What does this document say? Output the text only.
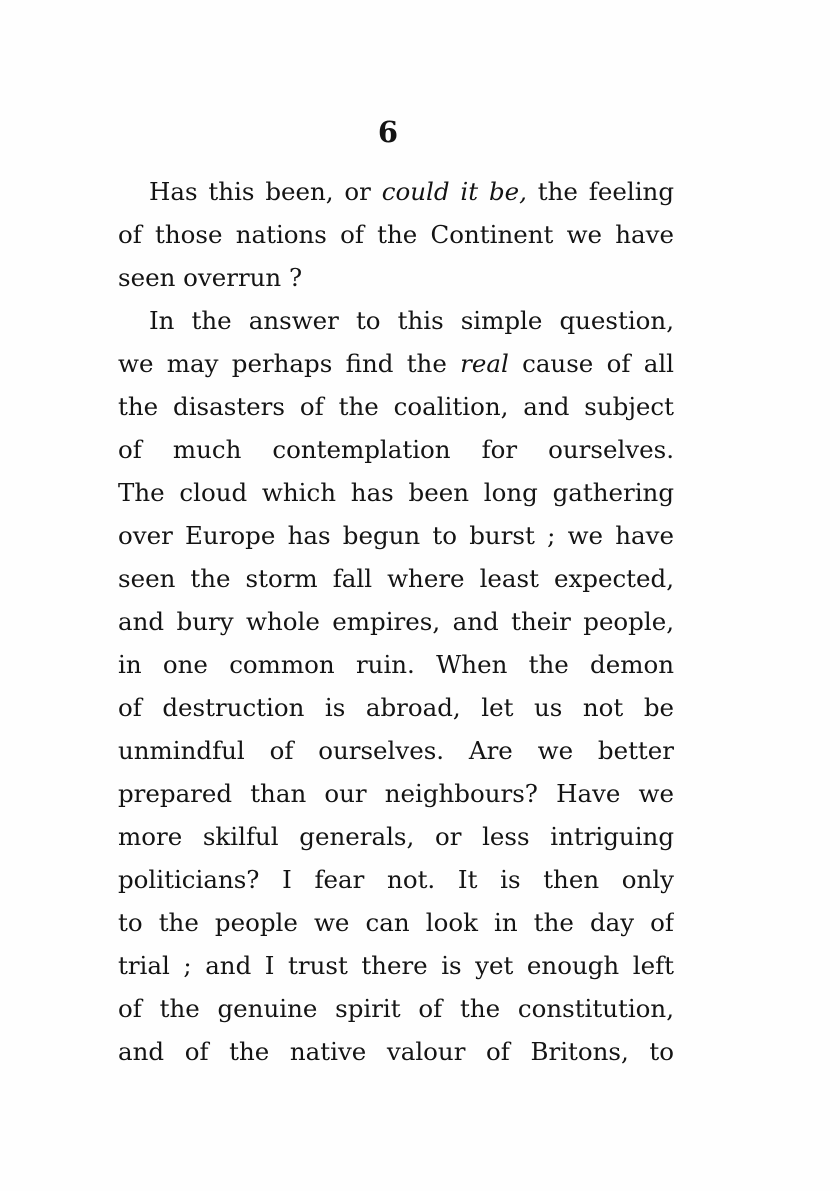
6
Has this been, or could it be, the feeling
of those nations of the Continent we have
seen overrun ?
In the answer to this simple question,
we may perhaps find the real cause of all
the disasters of the coalition, and subject
of much contemplation for ourselves.
The cloud which has been long gathering
over Europe has begun to burst ; we have
seen the storm fall where least expected,
and bury whole empires, and their people,
in one common ruin. When the demon
of destruction is abroad, let us not be
unmindful of ourselves. Are we better
prepared than our neighbours? Have we
more skilful generals, or less intriguing
politicians? I fear not. It is then only
to the people we can look in the day of
trial ; and I trust there is yet enough left
of the genuine spirit of the constitution,
and of the native valour of Britons, to
